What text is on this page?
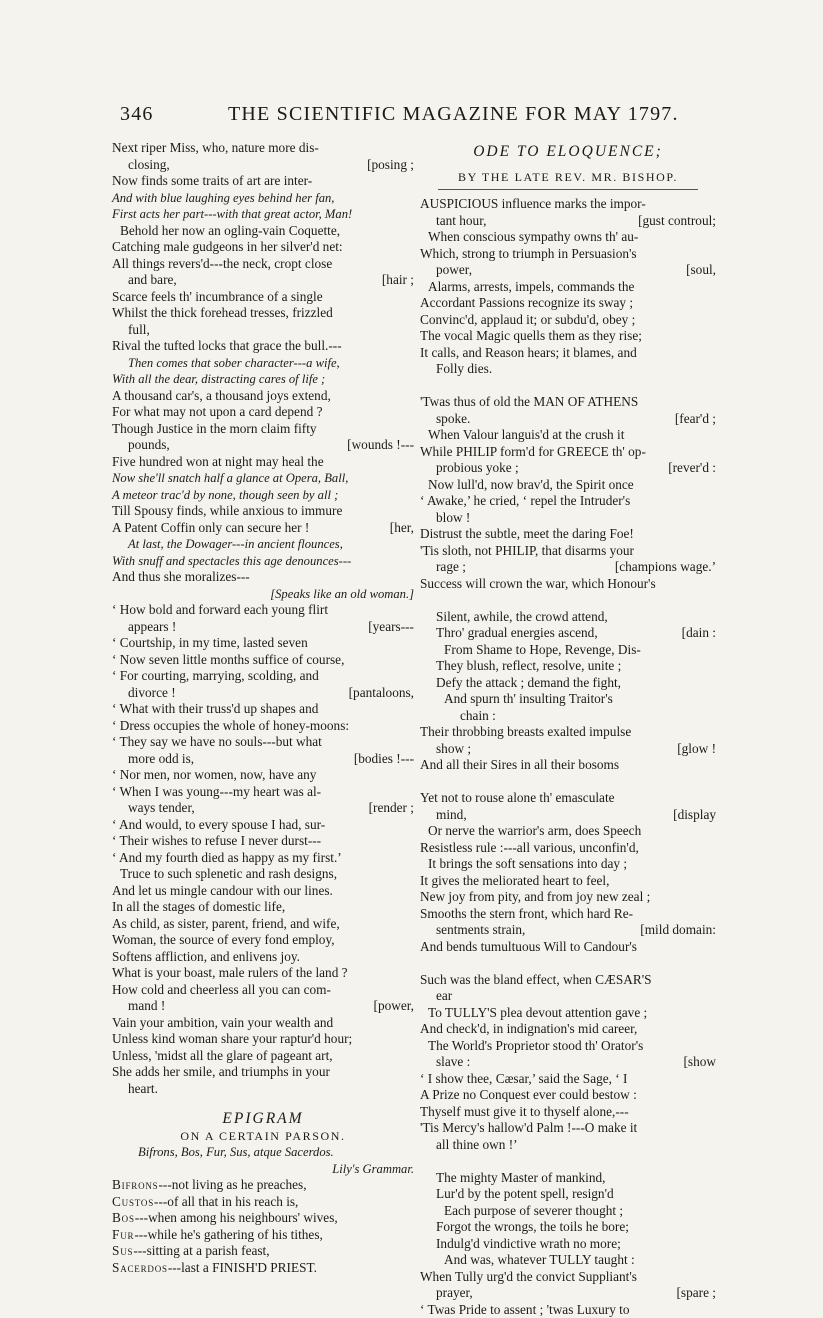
346	THE SCIENTIFIC MAGAZINE FOR MAY 1797.
Next riper Miss, who, nature more dis-
closing,	[posing ;
Now finds some traits of art are inter-
And with blue laughing eyes behind her fan,
First acts her part---with that great actor, Man!
Behold her now an ogling-vain Coquette,
Catching male gudgeons in her silver'd net:
All things revers'd---the neck, cropt close
and bare,	[hair ;
Scarce feels th' incumbrance of a single
Whilst the thick forehead tresses, frizzled
full,
Rival the tufted locks that grace the bull.---
Then comes that sober character---a wife,
With all the dear, distracting cares of life ;
A thousand car's, a thousand joys extend,
For what may not upon a card depend ?
Though Justice in the morn claim fifty
pounds,	[wounds !---
Five hundred won at night may heal the
Now she'll snatch half a glance at Opera, Ball,
A meteor trac'd by none, though seen by all ;
Till Spousy finds, while anxious to immure
A Patent Coffin only can secure her !	[her,
At last, the Dowager---in ancient flounces,
With snuff and spectacles this age denounces---
And thus she moralizes---
[Speaks like an old woman.]
‘ How bold and forward each young flirt
appears !	[years---
‘ Courtship, in my time, lasted seven
‘ Now seven little months suffice of course,
‘ For courting, marrying, scolding, and
divorce !	[pantaloons,
‘ What with their truss'd up shapes and
‘ Dress occupies the whole of honey-moons:
‘ They say we have no souls---but what
more odd is,	[bodies !---
‘ Nor men, nor women, now, have any
‘ When I was young---my heart was al-
ways tender,	[render ;
‘ And would, to every spouse I had, sur-
‘ Their wishes to refuse I never durst---
‘ And my fourth died as happy as my first.’
Truce to such splenetic and rash designs,
And let us mingle candour with our lines.
In all the stages of domestic life,
As child, as sister, parent, friend, and wife,
Woman, the source of every fond employ,
Softens affliction, and enlivens joy.
What is your boast, male rulers of the land ?
How cold and cheerless all you can com-
mand !	[power,
Vain your ambition, vain your wealth and
Unless kind woman share your raptur'd hour;
Unless, 'midst all the glare of pageant art,
She adds her smile, and triumphs in your
heart.
EPIGRAM
ON A CERTAIN PARSON.
Bifrons, Bos, Fur, Sus, atque Sacerdos.
Lily's Grammar.
Bifrons ---not living as he preaches,
Custos ---of all that in his reach is,
Bos ---when among his neighbours' wives,
Fur ---while he's gathering of his tithes,
Sus ---sitting at a parish feast,
Sacerdos ---last a FINISH'D PRIEST.
ODE TO ELOQUENCE;
BY THE LATE REV. MR. BISHOP.
AUSPICIOUS influence marks the impor-
tant hour,	[gust controul;
When conscious sympathy owns th' au-
Which, strong to triumph in Persuasion's
power,	[soul,
Alarms, arrests, impels, commands the
Accordant Passions recognize its sway ;
Convinc'd, applaud it; or subdu'd, obey ;
The vocal Magic quells them as they rise;
It calls, and Reason hears; it blames, and
Folly dies.
'Twas thus of old the MAN OF ATHENS
spoke.	[fear'd ;
When Valour languis'd at the crush it
While PHILIP form'd for GREECE th' op-
probious yoke ;	[rever'd :
Now lull'd, now brav'd, the Spirit once
‘ Awake,’ he cried, ‘ repel the Intruder's
blow !
Distrust the subtle, meet the daring Foe!
'Tis sloth, not PHILIP, that disarms your
rage ;	[champions wage.’
Success will crown the war, which Honour's
Silent, awhile, the crowd attend,
Thro' gradual energies ascend,	[dain :
From Shame to Hope, Revenge, Dis-
They blush, reflect, resolve, unite ;
Defy the attack ; demand the fight,
And spurn th' insulting Traitor's
chain :
Their throbbing breasts exalted impulse
show ;	[glow !
And all their Sires in all their bosoms
Yet not to rouse alone th' emasculate
mind,	[display
Or nerve the warrior's arm, does Speech
Resistless rule :---all various, unconfin'd,
It brings the soft sensations into day ;
It gives the meliorated heart to feel,
New joy from pity, and from joy new zeal ;
Smooths the stern front, which hard Re-
sentments strain,	[mild domain:
And bends tumultuous Will to Candour's
Such was the bland effect, when CÆSAR'S
ear
To TULLY'S plea devout attention gave ;
And check'd, in indignation's mid career,
The World's Proprietor stood th' Orator's
slave :	[show
‘ I show thee, Cæsar,’ said the Sage, ‘ I
A Prize no Conquest ever could bestow :
Thyself must give it to thyself alone,---
'Tis Mercy's hallow'd Palm !---O make it
all thine own !’
The mighty Master of mankind,
Lur'd by the potent spell, resign'd
Each purpose of severer thought ;
Forgot the wrongs, the toils he bore;
Indulg'd vindictive wrath no more;
And was, whatever TULLY taught :
When Tully urg'd the convict Suppliant's
prayer,	[spare ;
‘ Twas Pride to assent ; 'twas Luxury to
